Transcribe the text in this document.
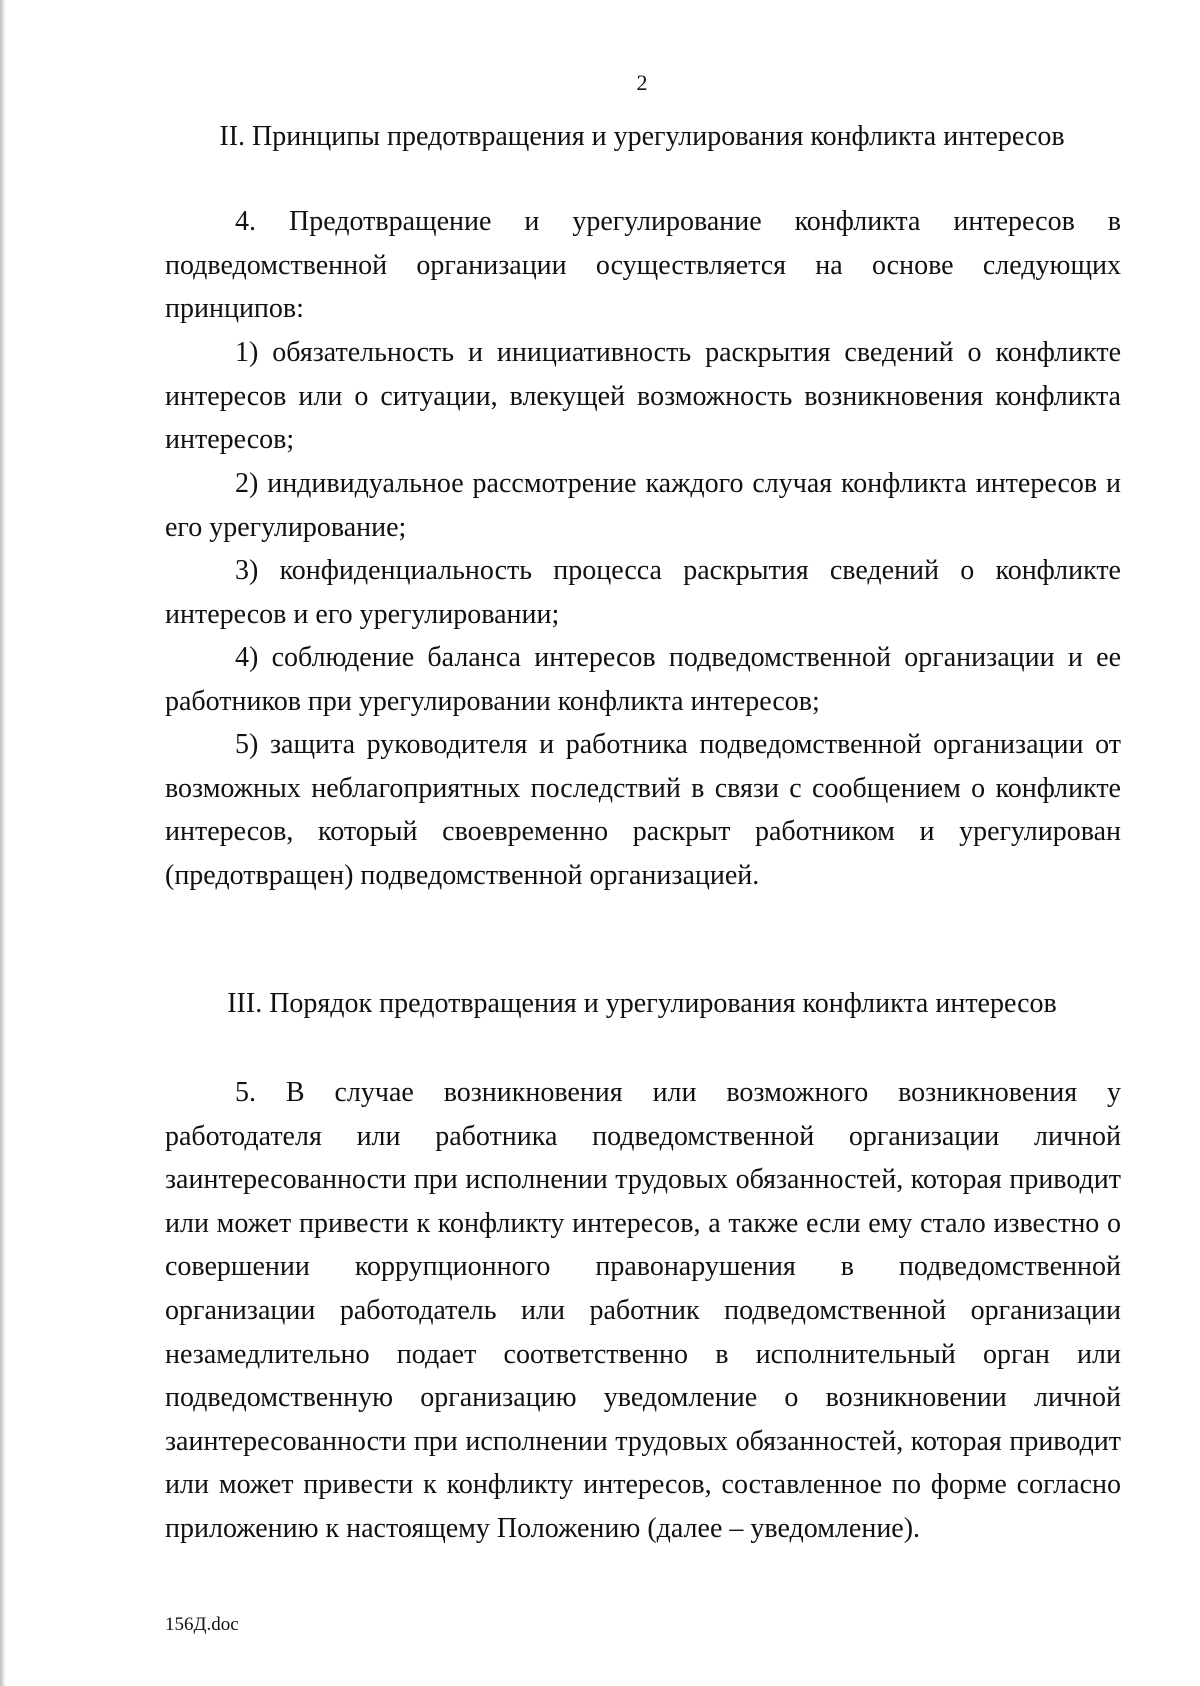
2
II. Принципы предотвращения и урегулирования конфликта интересов

4. Предотвращение и урегулирование конфликта интересов в подведомственной организации осуществляется на основе следующих принципов:

1) обязательность и инициативность раскрытия сведений о конфликте интересов или о ситуации, влекущей возможность возникновения конфликта интересов;

2) индивидуальное рассмотрение каждого случая конфликта интересов и его урегулирование;

3) конфиденциальность процесса раскрытия сведений о конфликте интересов и его урегулировании;

4) соблюдение баланса интересов подведомственной организации и ее работников при урегулировании конфликта интересов;

5) защита руководителя и работника подведомственной организации от возможных неблагоприятных последствий в связи с сообщением о конфликте интересов, который своевременно раскрыт работником и урегулирован (предотвращен) подведомственной организацией.

III. Порядок предотвращения и урегулирования конфликта интересов

5. В случае возникновения или возможного возникновения у работодателя или работника подведомственной организации личной заинтересованности при исполнении трудовых обязанностей, которая приводит или может привести к конфликту интересов, а также если ему стало известно о совершении коррупционного правонарушения в подведомственной организации работодатель или работник подведомственной организации незамедлительно подает соответственно в исполнительный орган или подведомственную организацию уведомление о возникновении личной заинтересованности при исполнении трудовых обязанностей, которая приводит или может привести к конфликту интересов, составленное по форме согласно приложению к настоящему Положению (далее – уведомление).

156Д.doc
